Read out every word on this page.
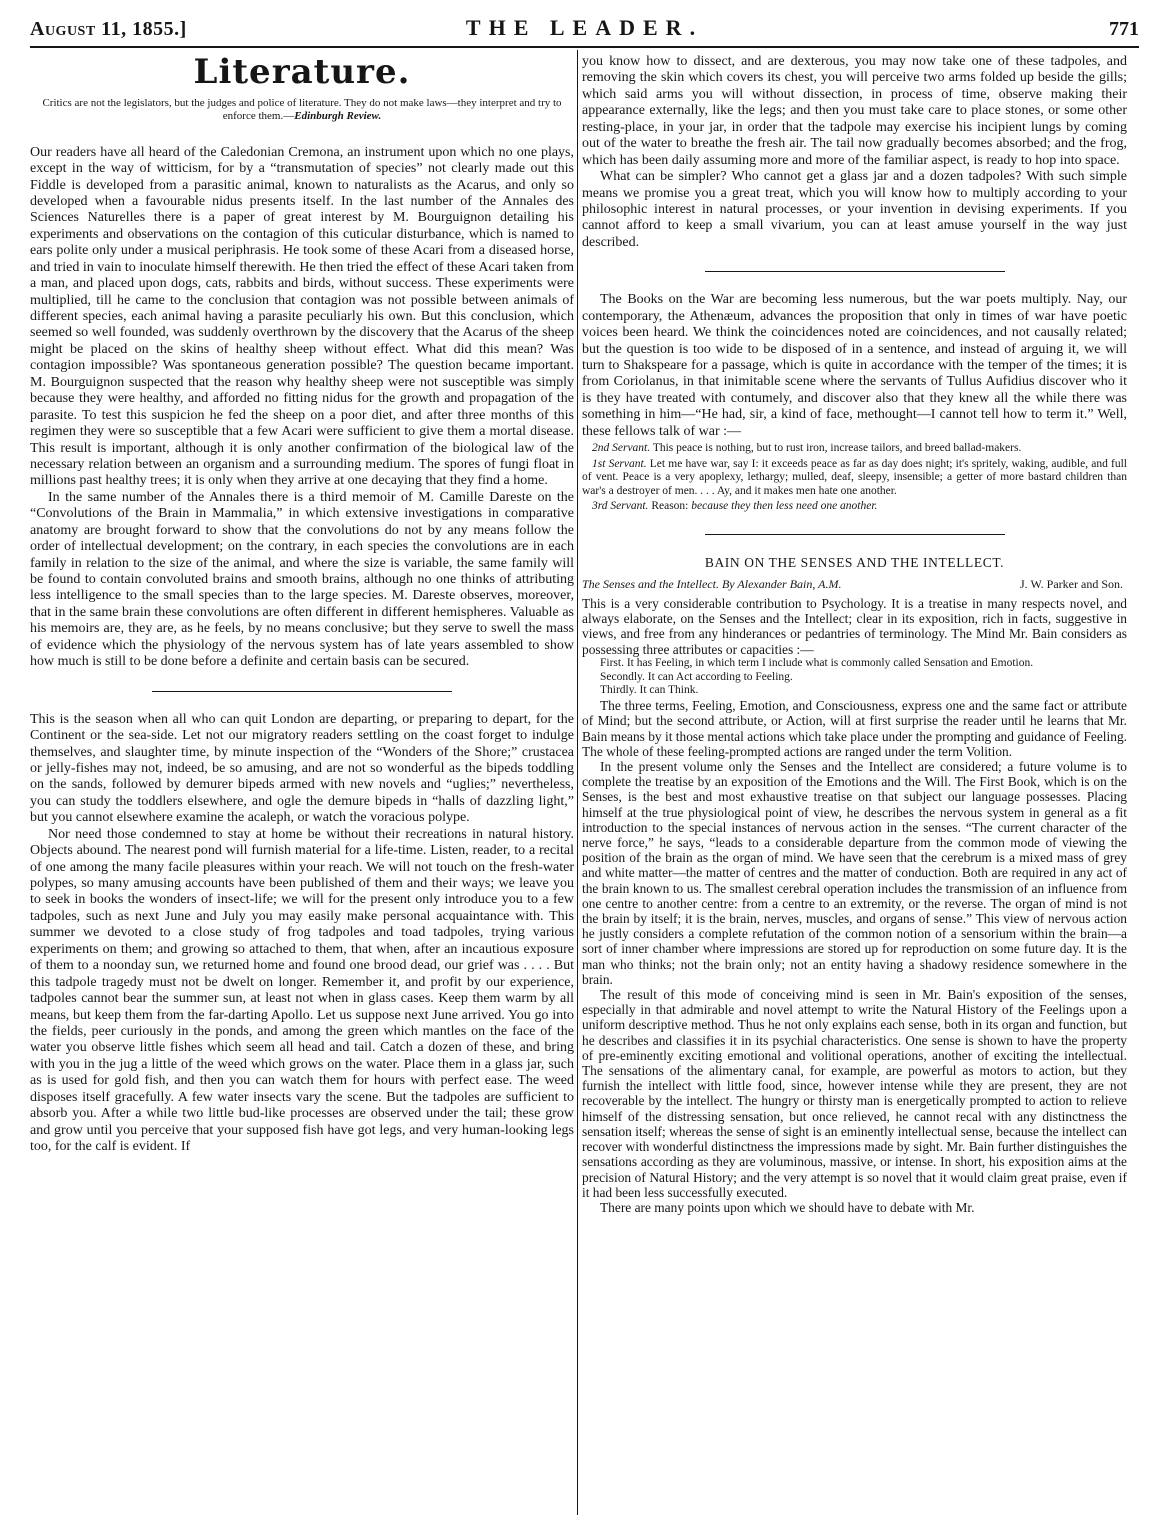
August 11, 1855.]	THE LEADER.	771
Literature.
Critics are not the legislators, but the judges and police of literature. They do not make laws—they interpret and try to enforce them.—Edinburgh Review.

Our readers have all heard of the Caledonian Cremona, an instrument upon which no one plays, except in the way of witticism, for by a “transmutation of species” not clearly made out this Fiddle is developed from a parasitic animal, known to naturalists as the Acarus, and only so developed when a favourable nidus presents itself. In the last number of the Annales des Sciences Naturelles there is a paper of great interest by M. Bourguignon detailing his experiments and observations on the contagion of this cuticular disturbance, which is named to ears polite only under a musical periphrasis. He took some of these Acari from a diseased horse, and tried in vain to inoculate himself therewith. He then tried the effect of these Acari taken from a man, and placed upon dogs, cats, rabbits and birds, without success. These experiments were multiplied, till he came to the conclusion that contagion was not possible between animals of different species, each animal having a parasite peculiarly his own. But this conclusion, which seemed so well founded, was suddenly overthrown by the discovery that the Acarus of the sheep might be placed on the skins of healthy sheep without effect. What did this mean? Was contagion impossible? Was spontaneous generation possible? The question became important. M. Bourguignon suspected that the reason why healthy sheep were not susceptible was simply because they were healthy, and afforded no fitting nidus for the growth and propagation of the parasite. To test this suspicion he fed the sheep on a poor diet, and after three months of this regimen they were so susceptible that a few Acari were sufficient to give them a mortal disease. This result is important, although it is only another confirmation of the biological law of the necessary relation between an organism and a surrounding medium. The spores of fungi float in millions past healthy trees; it is only when they arrive at one decaying that they find a home.

In the same number of the Annales there is a third memoir of M. Camille Dareste on the “Convolutions of the Brain in Mammalia,” in which extensive investigations in comparative anatomy are brought forward to show that the convolutions do not by any means follow the order of intellectual development; on the contrary, in each species the convolutions are in each family in relation to the size of the animal, and where the size is variable, the same family will be found to contain convoluted brains and smooth brains, although no one thinks of attributing less intelligence to the small species than to the large species. M. Dareste observes, moreover, that in the same brain these convolutions are often different in different hemispheres. Valuable as his memoirs are, they are, as he feels, by no means conclusive; but they serve to swell the mass of evidence which the physiology of the nervous system has of late years assembled to show how much is still to be done before a definite and certain basis can be secured.

This is the season when all who can quit London are departing, or preparing to depart, for the Continent or the sea-side. Let not our migratory readers settling on the coast forget to indulge themselves, and slaughter time, by minute inspection of the “Wonders of the Shore;” crustacea or jelly-fishes may not, indeed, be so amusing, and are not so wonderful as the bipeds toddling on the sands, followed by demurer bipeds armed with new novels and “uglies;” nevertheless, you can study the toddlers elsewhere, and ogle the demure bipeds in “halls of dazzling light,” but you cannot elsewhere examine the acaleph, or watch the voracious polype.

Nor need those condemned to stay at home be without their recreations in natural history. Objects abound. The nearest pond will furnish material for a life-time. Listen, reader, to a recital of one among the many facile pleasures within your reach. We will not touch on the fresh-water polypes, so many amusing accounts have been published of them and their ways; we leave you to seek in books the wonders of insect-life; we will for the present only introduce you to a few tadpoles, such as next June and July you may easily make personal acquaintance with. This summer we devoted to a close study of frog tadpoles and toad tadpoles, trying various experiments on them; and growing so attached to them, that when, after an incautious exposure of them to a noonday sun, we returned home and found one brood dead, our grief was . . . . But this tadpole tragedy must not be dwelt on longer. Remember it, and profit by our experience, tadpoles cannot bear the summer sun, at least not when in glass cases. Keep them warm by all means, but keep them from the far-darting Apollo. Let us suppose next June arrived. You go into the fields, peer curiously in the ponds, and among the green which mantles on the face of the water you observe little fishes which seem all head and tail. Catch a dozen of these, and bring with you in the jug a little of the weed which grows on the water. Place them in a glass jar, such as is used for gold fish, and then you can watch them for hours with perfect ease. The weed disposes itself gracefully. A few water insects vary the scene. But the tadpoles are sufficient to absorb you. After a while two little bud-like processes are observed under the tail; these grow and grow until you perceive that your supposed fish have got legs, and very human-looking legs too, for the calf is evident. If

you know how to dissect, and are dexterous, you may now take one of these tadpoles, and removing the skin which covers its chest, you will perceive two arms folded up beside the gills; which said arms you will without dissection, in process of time, observe making their appearance externally, like the legs; and then you must take care to place stones, or some other resting-place, in your jar, in order that the tadpole may exercise his incipient lungs by coming out of the water to breathe the fresh air. The tail now gradually becomes absorbed; and the frog, which has been daily assuming more and more of the familiar aspect, is ready to hop into space.

What can be simpler? Who cannot get a glass jar and a dozen tadpoles? With such simple means we promise you a great treat, which you will know how to multiply according to your philosophic interest in natural processes, or your invention in devising experiments. If you cannot afford to keep a small vivarium, you can at least amuse yourself in the way just described.

The Books on the War are becoming less numerous, but the war poets multiply. Nay, our contemporary, the Athenæum, advances the proposition that only in times of war have poetic voices been heard. We think the coincidences noted are coincidences, and not causally related; but the question is too wide to be disposed of in a sentence, and instead of arguing it, we will turn to Shakspeare for a passage, which is quite in accordance with the temper of the times; it is from Coriolanus, in that inimitable scene where the servants of Tullus Aufidius discover who it is they have treated with contumely, and discover also that they knew all the while there was something in him—“He had, sir, a kind of face, methought—I cannot tell how to term it.” Well, these fellows talk of war :—

2nd Servant. This peace is nothing, but to rust iron, increase tailors, and breed ballad-makers.
1st Servant. Let me have war, say I: it exceeds peace as far as day does night; it's spritely, waking, audible, and full of vent. Peace is a very apoplexy, lethargy; mulled, deaf, sleepy, insensible; a getter of more bastard children than war's a destroyer of men. . . . Ay, and it makes men hate one another.
3rd Servant. Reason: because they then less need one another.
BAIN ON THE SENSES AND THE INTELLECT.
The Senses and the Intellect. By Alexander Bain, A.M.	J. W. Parker and Son.

This is a very considerable contribution to Psychology. It is a treatise in many respects novel, and always elaborate, on the Senses and the Intellect; clear in its exposition, rich in facts, suggestive in views, and free from any hinderances or pedantries of terminology. The Mind Mr. Bain considers as possessing three attributes or capacities :—

First. It has Feeling, in which term I include what is commonly called Sensation and Emotion.
Secondly. It can Act according to Feeling.
Thirdly. It can Think.

The three terms, Feeling, Emotion, and Consciousness, express one and the same fact or attribute of Mind; but the second attribute, or Action, will at first surprise the reader until he learns that Mr. Bain means by it those mental actions which take place under the prompting and guidance of Feeling. The whole of these feeling-prompted actions are ranged under the term Volition.

In the present volume only the Senses and the Intellect are considered; a future volume is to complete the treatise by an exposition of the Emotions and the Will. The First Book, which is on the Senses, is the best and most exhaustive treatise on that subject our language possesses. Placing himself at the true physiological point of view, he describes the nervous system in general as a fit introduction to the special instances of nervous action in the senses. “The current character of the nerve force,” he says, “leads to a considerable departure from the common mode of viewing the position of the brain as the organ of mind. We have seen that the cerebrum is a mixed mass of grey and white matter—the matter of centres and the matter of conduction. Both are required in any act of the brain known to us. The smallest cerebral operation includes the transmission of an influence from one centre to another centre: from a centre to an extremity, or the reverse. The organ of mind is not the brain by itself; it is the brain, nerves, muscles, and organs of sense.” This view of nervous action he justly considers a complete refutation of the common notion of a sensorium within the brain—a sort of inner chamber where impressions are stored up for reproduction on some future day. It is the man who thinks; not the brain only; not an entity having a shadowy residence somewhere in the brain.

The result of this mode of conceiving mind is seen in Mr. Bain's exposition of the senses, especially in that admirable and novel attempt to write the Natural History of the Feelings upon a uniform descriptive method. Thus he not only explains each sense, both in its organ and function, but he describes and classifies it in its psychial characteristics. One sense is shown to have the property of pre-eminently exciting emotional and volitional operations, another of exciting the intellectual. The sensations of the alimentary canal, for example, are powerful as motors to action, but they furnish the intellect with little food, since, however intense while they are present, they are not recoverable by the intellect. The hungry or thirsty man is energetically prompted to action to relieve himself of the distressing sensation, but once relieved, he cannot recal with any distinctness the sensation itself; whereas the sense of sight is an eminently intellectual sense, because the intellect can recover with wonderful distinctness the impressions made by sight. Mr. Bain further distinguishes the sensations according as they are voluminous, massive, or intense. In short, his exposition aims at the precision of Natural History; and the very attempt is so novel that it would claim great praise, even if it had been less successfully executed.

There are many points upon which we should have to debate with Mr.
